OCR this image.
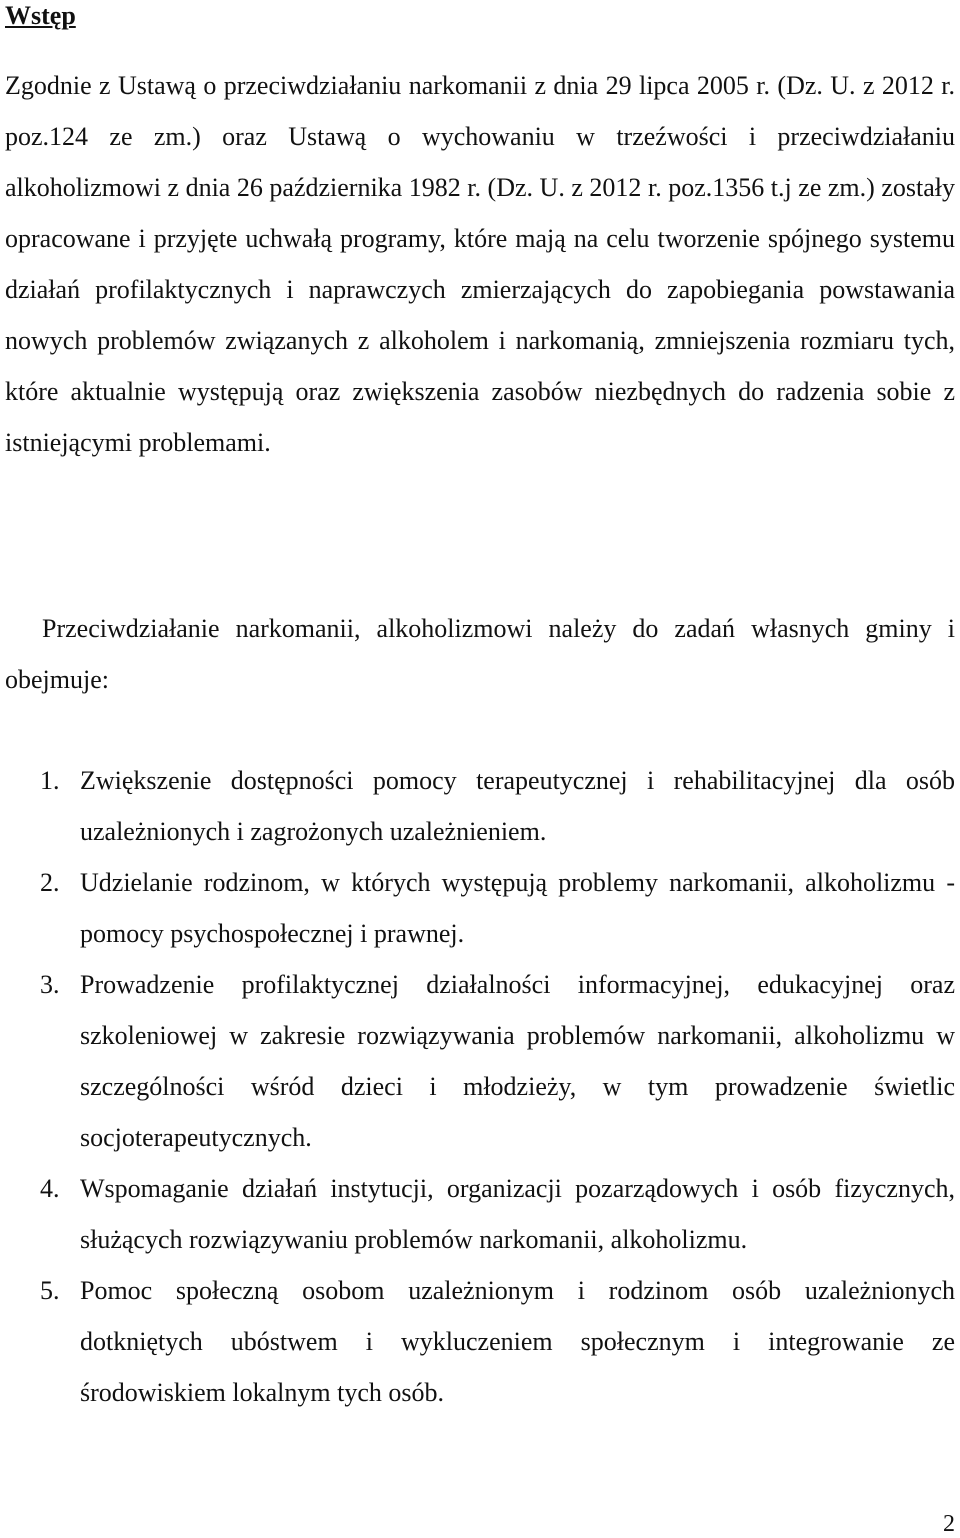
Wstęp

Zgodnie z Ustawą o przeciwdziałaniu narkomanii z dnia 29 lipca 2005 r. (Dz. U. z 2012 r. poz.124 ze zm.) oraz Ustawą o wychowaniu w trzeźwości i przeciwdziałaniu alkoholizmowi z dnia 26 października 1982 r. (Dz. U. z 2012 r. poz.1356 t.j ze zm.) zostały opracowane i przyjęte uchwałą programy, które mają na celu tworzenie spójnego systemu działań profilaktycznych i naprawczych zmierzających do zapobiegania powstawania nowych problemów związanych z alkoholem i narkomanią, zmniejszenia rozmiaru tych, które aktualnie występują oraz zwiększenia zasobów niezbędnych do radzenia sobie z istniejącymi problemami.

Przeciwdziałanie narkomanii, alkoholizmowi należy do zadań własnych gminy i obejmuje:

1. Zwiększenie dostępności pomocy terapeutycznej i rehabilitacyjnej dla osób uzależnionych i zagrożonych uzależnieniem.
2. Udzielanie rodzinom, w których występują problemy narkomanii, alkoholizmu - pomocy psychospołecznej i prawnej.
3. Prowadzenie profilaktycznej działalności informacyjnej, edukacyjnej oraz szkoleniowej w zakresie rozwiązywania problemów narkomanii, alkoholizmu w szczególności wśród dzieci i młodzieży, w tym prowadzenie świetlic socjoterapeutycznych.
4. Wspomaganie działań instytucji, organizacji pozarządowych i osób fizycznych, służących rozwiązywaniu problemów narkomanii, alkoholizmu.
5. Pomoc społeczną osobom uzależnionym i rodzinom osób uzależnionych dotkniętych ubóstwem i wykluczeniem społecznym i integrowanie ze środowiskiem lokalnym tych osób.
2
